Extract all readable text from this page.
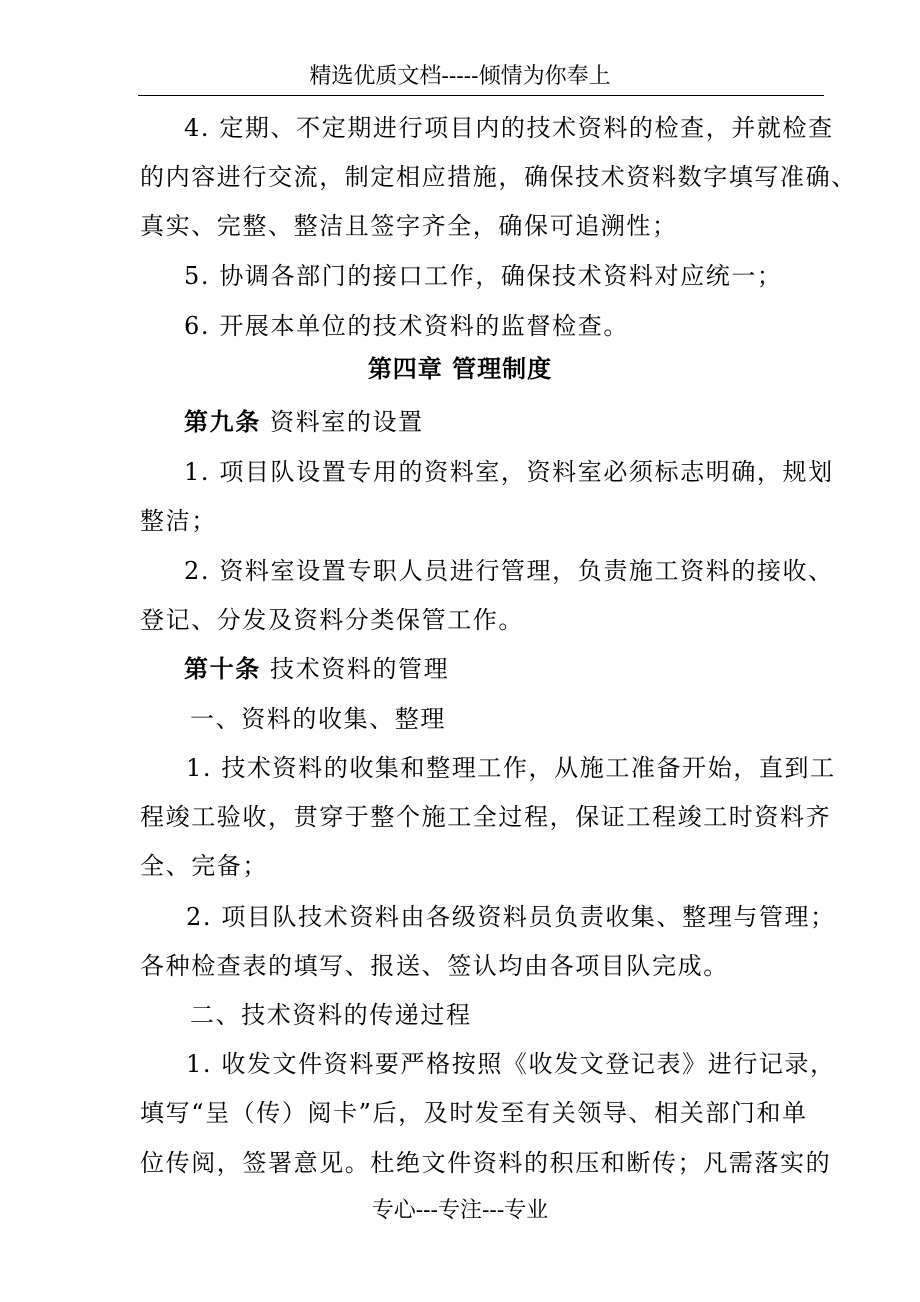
精选优质文档-----倾情为你奉上
4. 定期、不定期进行项目内的技术资料的检查，并就检查
的内容进行交流，制定相应措施，确保技术资料数字填写准确、
真实、完整、整洁且签字齐全，确保可追溯性；
5. 协调各部门的接口工作，确保技术资料对应统一；
6. 开展本单位的技术资料的监督检查。
第四章 管理制度
第九条 资料室的设置
1. 项目队设置专用的资料室，资料室必须标志明确，规划
整洁；
2. 资料室设置专职人员进行管理，负责施工资料的接收、
登记、分发及资料分类保管工作。
第十条 技术资料的管理
一、资料的收集、整理
1. 技术资料的收集和整理工作，从施工准备开始，直到工
程竣工验收，贯穿于整个施工全过程，保证工程竣工时资料齐
全、完备；
2. 项目队技术资料由各级资料员负责收集、整理与管理；
各种检查表的填写、报送、签认均由各项目队完成。
二、技术资料的传递过程
1. 收发文件资料要严格按照《收发文登记表》进行记录，
填写“呈（传）阅卡”后，及时发至有关领导、相关部门和单
位传阅，签署意见。杜绝文件资料的积压和断传；凡需落实的
专心---专注---专业
